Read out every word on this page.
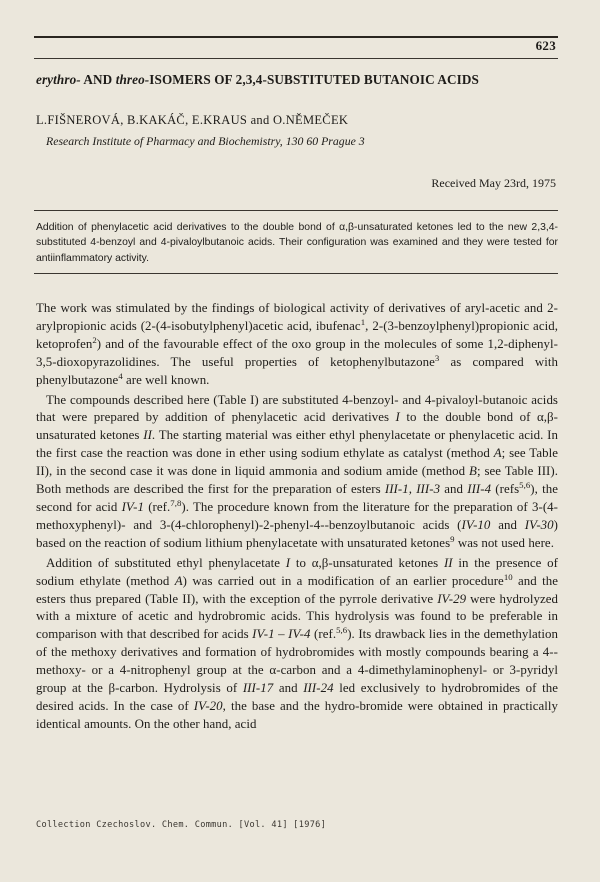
623
erythro- AND threo-ISOMERS OF 2,3,4-SUBSTITUTED BUTANOIC ACIDS
L.FIŠNEROVÁ, B.KAKÁČ, E.KRAUS and O.NĚMEČEK
Research Institute of Pharmacy and Biochemistry, 130 60 Prague 3
Received May 23rd, 1975

Addition of phenylacetic acid derivatives to the double bond of α,β-unsaturated ketones led to the new 2,3,4-substituted 4-benzoyl and 4-pivaloylbutanoic acids. Their configuration was examined and they were tested for antiinflammatory activity.

The work was stimulated by the findings of biological activity of derivatives of aryl-acetic and 2-arylpropionic acids (2-(4-isobutylphenyl)acetic acid, ibufenac$^1$, 2-(3-benzoylphenyl)propionic acid, ketoprofen$^2$) and of the favourable effect of the oxo group in the molecules of some 1,2-diphenyl-3,5-dioxopyrazolidines. The useful properties of ketophenylbutazone$^3$ as compared with phenylbutazone$^4$ are well known.

The compounds described here (Table I) are substituted 4-benzoyl- and 4-pivaloyl-butanoic acids that were prepared by addition of phenylacetic acid derivatives I to the double bond of α,β-unsaturated ketones II. The starting material was either ethyl phenylacetate or phenylacetic acid. In the first case the reaction was done in ether using sodium ethylate as catalyst (method A; see Table II), in the second case it was done in liquid ammonia and sodium amide (method B; see Table III). Both methods are described the first for the preparation of esters III-1, III-3 and III-4 (refs$^{5,6}$), the second for acid IV-1 (ref.$^{7,8}$). The procedure known from the literature for the preparation of 3-(4-methoxyphenyl)- and 3-(4-chlorophenyl)-2-phenyl-4--benzoylbutanoic acids (IV-10 and IV-30) based on the reaction of sodium lithium phenylacetate with unsaturated ketones$^9$ was not used here.

Addition of substituted ethyl phenylacetate I to α,β-unsaturated ketones II in the presence of sodium ethylate (method A) was carried out in a modification of an earlier procedure$^{10}$ and the esters thus prepared (Table II), with the exception of the pyrrole derivative IV-29 were hydrolyzed with a mixture of acetic and hydrobromic acids. This hydrolysis was found to be preferable in comparison with that described for acids IV-1 – IV-4 (ref.$^{5,6}$). Its drawback lies in the demethylation of the methoxy derivatives and formation of hydrobromides with mostly compounds bearing a 4--methoxy- or a 4-nitrophenyl group at the α-carbon and a 4-dimethylaminophenyl- or 3-pyridyl group at the β-carbon. Hydrolysis of III-17 and III-24 led exclusively to hydrobromides of the desired acids. In the case of IV-20, the base and the hydro-bromide were obtained in practically identical amounts. On the other hand, acid

Collection Czechoslov. Chem. Commun. [Vol. 41] [1976]
